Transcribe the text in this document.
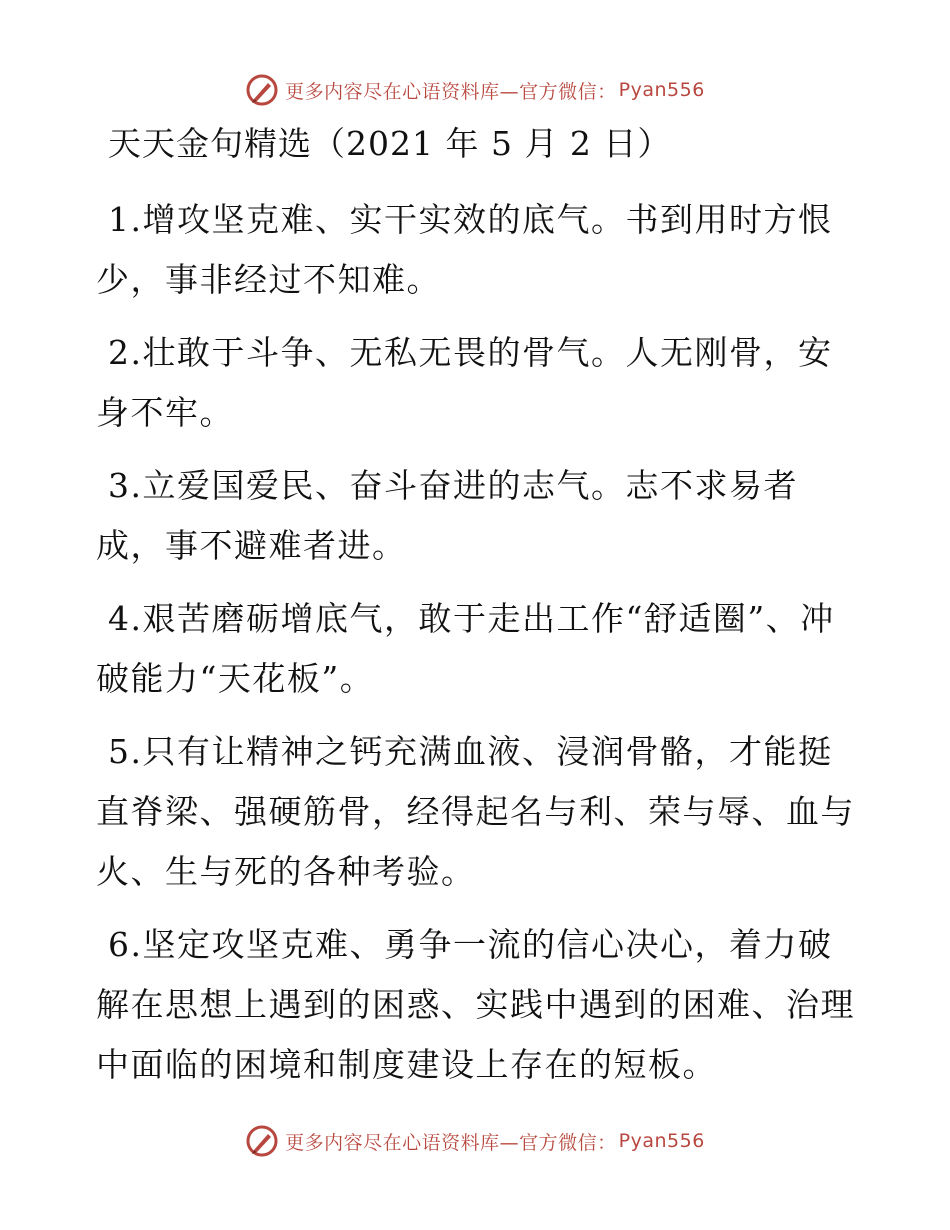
更多内容尽在心语资料库—官方微信： Pyan556
天天金句精选（2021 年 5 月 2 日）

1.增攻坚克难、实干实效的底气。书到用时方恨少，事非经过不知难。

2.壮敢于斗争、无私无畏的骨气。人无刚骨，安身不牢。

3.立爱国爱民、奋斗奋进的志气。志不求易者成，事不避难者进。

4.艰苦磨砺增底气，敢于走出工作“舒适圈”、冲破能力“天花板”。

5.只有让精神之钙充满血液、浸润骨骼，才能挺直脊梁、强硬筋骨，经得起名与利、荣与辱、血与火、生与死的各种考验。

6.坚定攻坚克难、勇争一流的信心决心，着力破解在思想上遇到的困惑、实践中遇到的困难、治理中面临的困境和制度建设上存在的短板。

更多内容尽在心语资料库—官方微信： Pyan556
